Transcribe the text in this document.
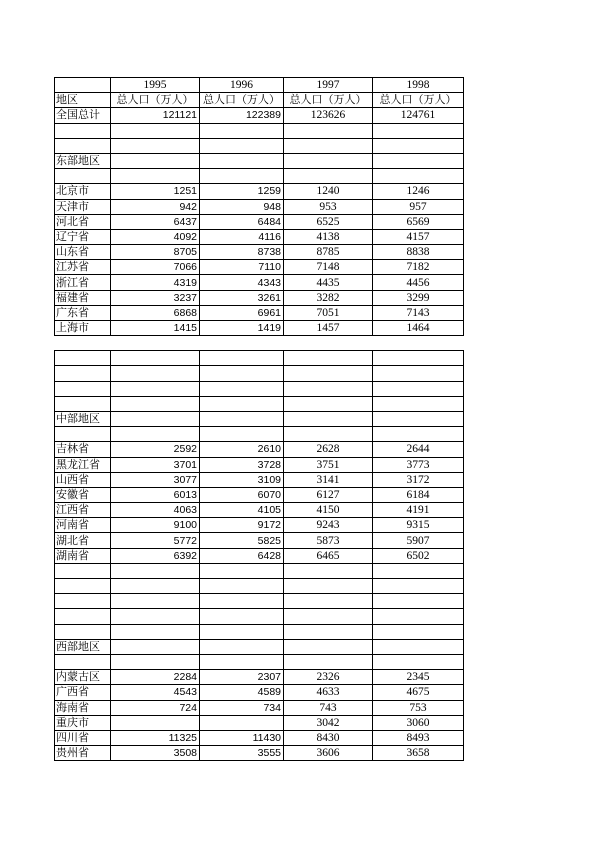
	1995	1996	1997	1998
地区	总人口（万人）	总人口（万人）	总人口（万人）	总人口（万人）
全国总计	121121	122389	123626	124761

东部地区				

北京市	1251	1259	1240	1246
天津市	942	948	953	957
河北省	6437	6484	6525	6569
辽宁省	4092	4116	4138	4157
山东省	8705	8738	8785	8838
江苏省	7066	7110	7148	7182
浙江省	4319	4343	4435	4456
福建省	3237	3261	3282	3299
广东省	6868	6961	7051	7143
上海市	1415	1419	1457	1464

中部地区				

吉林省	2592	2610	2628	2644
黑龙江省	3701	3728	3751	3773
山西省	3077	3109	3141	3172
安徽省	6013	6070	6127	6184
江西省	4063	4105	4150	4191
河南省	9100	9172	9243	9315
湖北省	5772	5825	5873	5907
湖南省	6392	6428	6465	6502

西部地区				

内蒙古区	2284	2307	2326	2345
广西省	4543	4589	4633	4675
海南省	724	734	743	753
重庆市			3042	3060
四川省	11325	11430	8430	8493
贵州省	3508	3555	3606	3658
